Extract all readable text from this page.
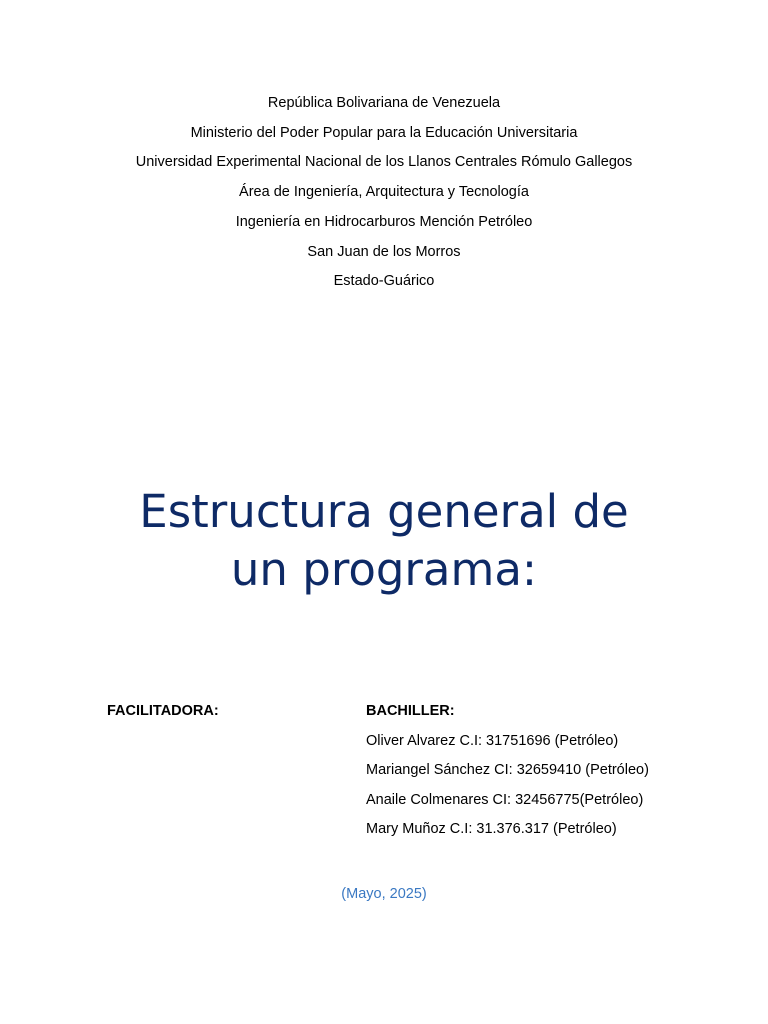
República Bolivariana de Venezuela
Ministerio del Poder Popular para la Educación Universitaria
Universidad Experimental Nacional de los Llanos Centrales Rómulo Gallegos
Área de Ingeniería, Arquitectura y Tecnología
Ingeniería en Hidrocarburos Mención Petróleo
San Juan de los Morros
Estado-Guárico
Estructura general de
un programa:
FACILITADORA:	BACHILLER:
Oliver Alvarez C.I: 31751696 (Petróleo)
Mariangel Sánchez CI: 32659410 (Petróleo)
Anaile Colmenares CI: 32456775(Petróleo)
Mary Muñoz C.I: 31.376.317 (Petróleo)
(Mayo, 2025)
